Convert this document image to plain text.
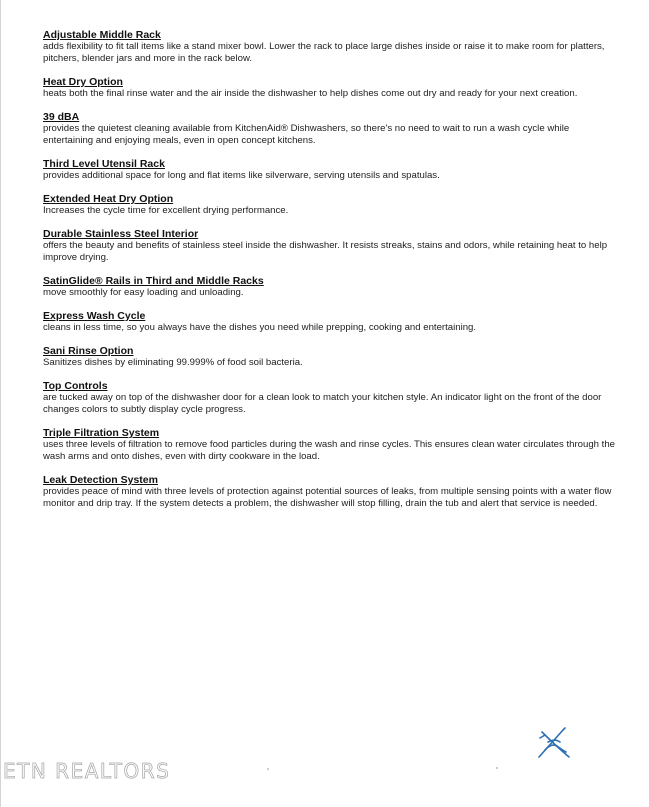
Adjustable Middle Rack
adds flexibility to fit tall items like a stand mixer bowl. Lower the rack to place large dishes inside or raise it to make room for platters, pitchers, blender jars and more in the rack below.
Heat Dry Option
heats both the final rinse water and the air inside the dishwasher to help dishes come out dry and ready for your next creation.
39 dBA
provides the quietest cleaning available from KitchenAid® Dishwashers, so there's no need to wait to run a wash cycle while entertaining and enjoying meals, even in open concept kitchens.
Third Level Utensil Rack
provides additional space for long and flat items like silverware, serving utensils and spatulas.
Extended Heat Dry Option
Increases the cycle time for excellent drying performance.
Durable Stainless Steel Interior
offers the beauty and benefits of stainless steel inside the dishwasher. It resists streaks, stains and odors, while retaining heat to help improve drying.
SatinGlide® Rails in Third and Middle Racks
move smoothly for easy loading and unloading.
Express Wash Cycle
cleans in less time, so you always have the dishes you need while prepping, cooking and entertaining.
Sani Rinse Option
Sanitizes dishes by eliminating 99.999% of food soil bacteria.
Top Controls
are tucked away on top of the dishwasher door for a clean look to match your kitchen style. An indicator light on the front of the door changes colors to subtly display cycle progress.
Triple Filtration System
uses three levels of filtration to remove food particles during the wash and rinse cycles. This ensures clean water circulates through the wash arms and onto dishes, even with dirty cookware in the load.
Leak Detection System
provides peace of mind with three levels of protection against potential sources of leaks, from multiple sensing points with a water flow monitor and drip tray. If the system detects a problem, the dishwasher will stop filling, drain the tub and alert that service is needed.
ETN REALTORS
